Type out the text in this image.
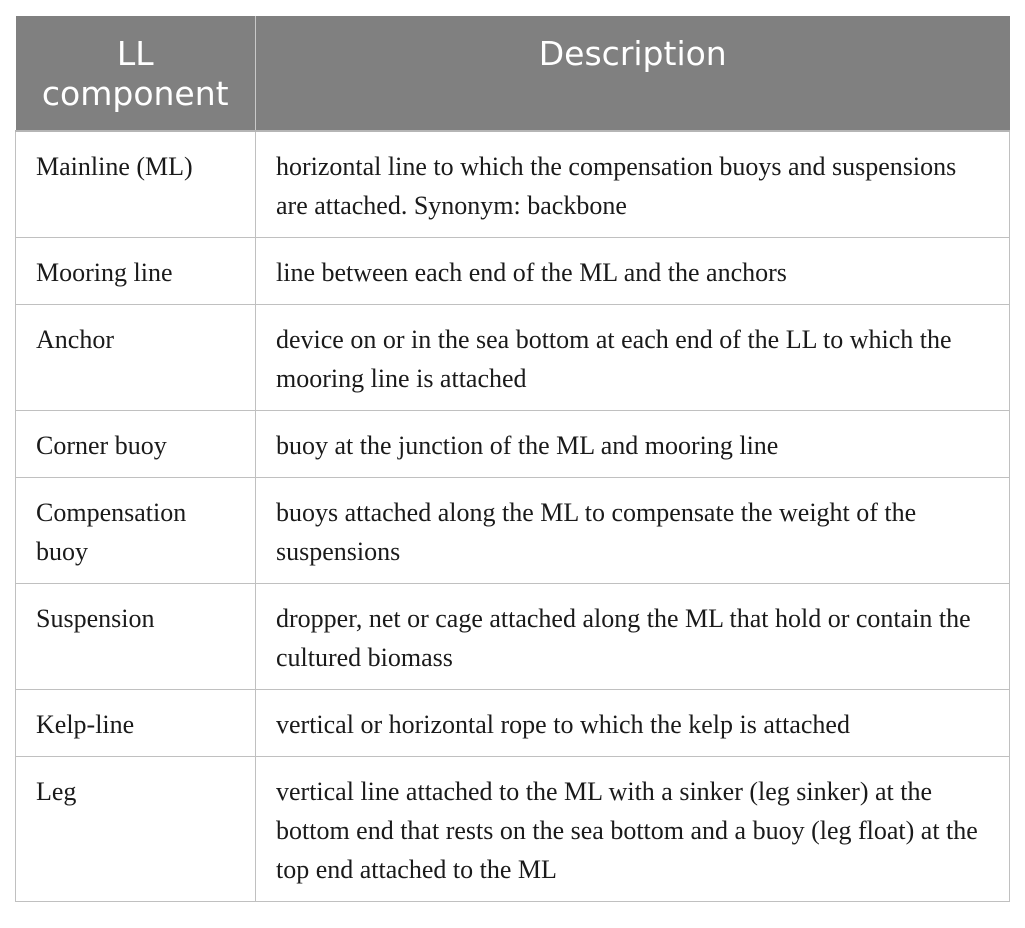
LL component	Description
Mainline (ML)	horizontal line to which the compensation buoys and suspensions are attached. Synonym: backbone
Mooring line	line between each end of the ML and the anchors
Anchor	device on or in the sea bottom at each end of the LL to which the mooring line is attached
Corner buoy	buoy at the junction of the ML and mooring line
Compensation buoy	buoys attached along the ML to compensate the weight of the suspensions
Suspension	dropper, net or cage attached along the ML that hold or contain the cultured biomass
Kelp-line	vertical or horizontal rope to which the kelp is attached
Leg	vertical line attached to the ML with a sinker (leg sinker) at the bottom end that rests on the sea bottom and a buoy (leg float) at the top end attached to the ML
